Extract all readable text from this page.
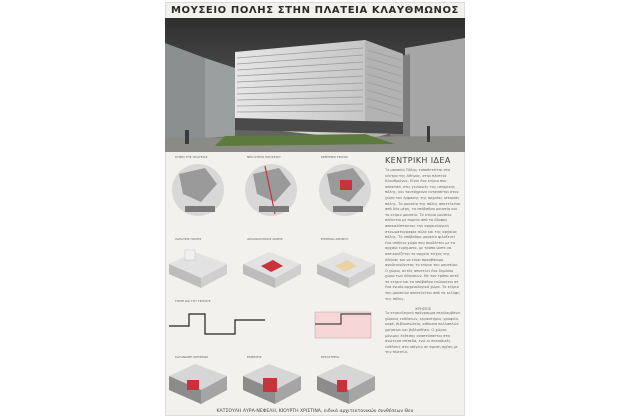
ΜΟΥΣΕΙΟ ΠΟΛΗΣ ΣΤΗΝ ΠΛΑΤΕΙΑ ΚΛΑΥΘΜΩΝΟΣ
ΚΤΙΡΙΟ ΤΗΣ ΠΛΑΤΕΙΑΣ	ΝΕΟ ΚΤΙΡΙΟ ΜΟΥΣΕΙΟΥ	ΚΕΝΤΡΙΚΟ ΤΕΙΧΟΣ
ΧΑΡΑΞΕΙΣ ΠΟΛΗΣ	ΑΡΧΑΙΟΛΟΓΙΚΟΣ ΧΩΡΟΣ	ΕΠΙΠΕΔΟ ΔΡΟΜΟΥ
ΤΟΜΗ ΔΙΑ ΤΟΥ ΤΕΙΧΟΥΣ
ΚΑΤΑΝΟΜΗ ΧΡΗΣΕΩΝ	ΕΚΘΕΣΕΙΣ	ΕΡΓΑΣΤΗΡΙΑ
ΚΕΝΤΡΙΚΗ ΙΔΕΑ

Το μουσείο Πόλης τοποθετείται στο κέντρο της Αθήνας, στην πλατεία Κλαυθμώνος. Είναι ένα κτίριο που αποκτάει στις γειτονιές της ιστορικής πόλης, και ταυτόχρονα εντάσσεται στον χώρο του έμφασης της αρχαίας ιστορίας πόλης. Το μουσείο της πόλης αποτελείται από δύο μέρη, το υπόβαθρο μουσείο και το κτίριο μουσείο. Το κτίριο μουσείο πλέκεται με πορεία από το έδαφος αποκαλύπτοντας την αρχαιολογική στρωματογραφία αλλά και της αρχαίας πόλης. Το υπόβαθρο μουσείο φιλοξενεί ένα υπόγειο χώρο που συνδέεται με τα αρχαία ευρήματα, με τρόπο ώστε να απεικονίζεται το αρχαίο τείχος της Αθήνας και να είναι προσβάσιμο αναδεικνύοντας το κτίριο του μουσείου. Ο χώρος αυτός αποτελεί ένα δημόσιο χώρο των Αθηναίων. Με τον τρόπο αυτό το κτίριο και το υπόβαθρο ενώνονται σε ένα ενιαίο αρχαιολογικό χώρο. Το κτίριο του μουσείου αποτελείται από τα κελύφη της πόλης.

ΧΡΗΣΕΙΣ

Το κτιριολογικό πρόγραμμα περιλαμβάνει χώρους εκθέσεων, εργαστήρια, γραφεία, καφέ, βιβλιοπωλείο, αίθουσα πολλαπλών χρήσεων και βιβλιοθήκη. Ο χώρος μόνιμης έκθεσης αναπτύσσεται στα ανώτερα επίπεδα, ενώ οι περιοδικές εκθέσεις στο ισόγειο σε άμεση σχέση με την πλατεία.

ΚΑΤΣΟΥΛΗ ΑΥΡΑ-ΝΕΦΕΛΗ, ΚΙΟΥΡΤΗ ΧΡΙΣΤΙΝΑ, ειδικά αρχιτεκτονικών συνθέσεων Θεο
